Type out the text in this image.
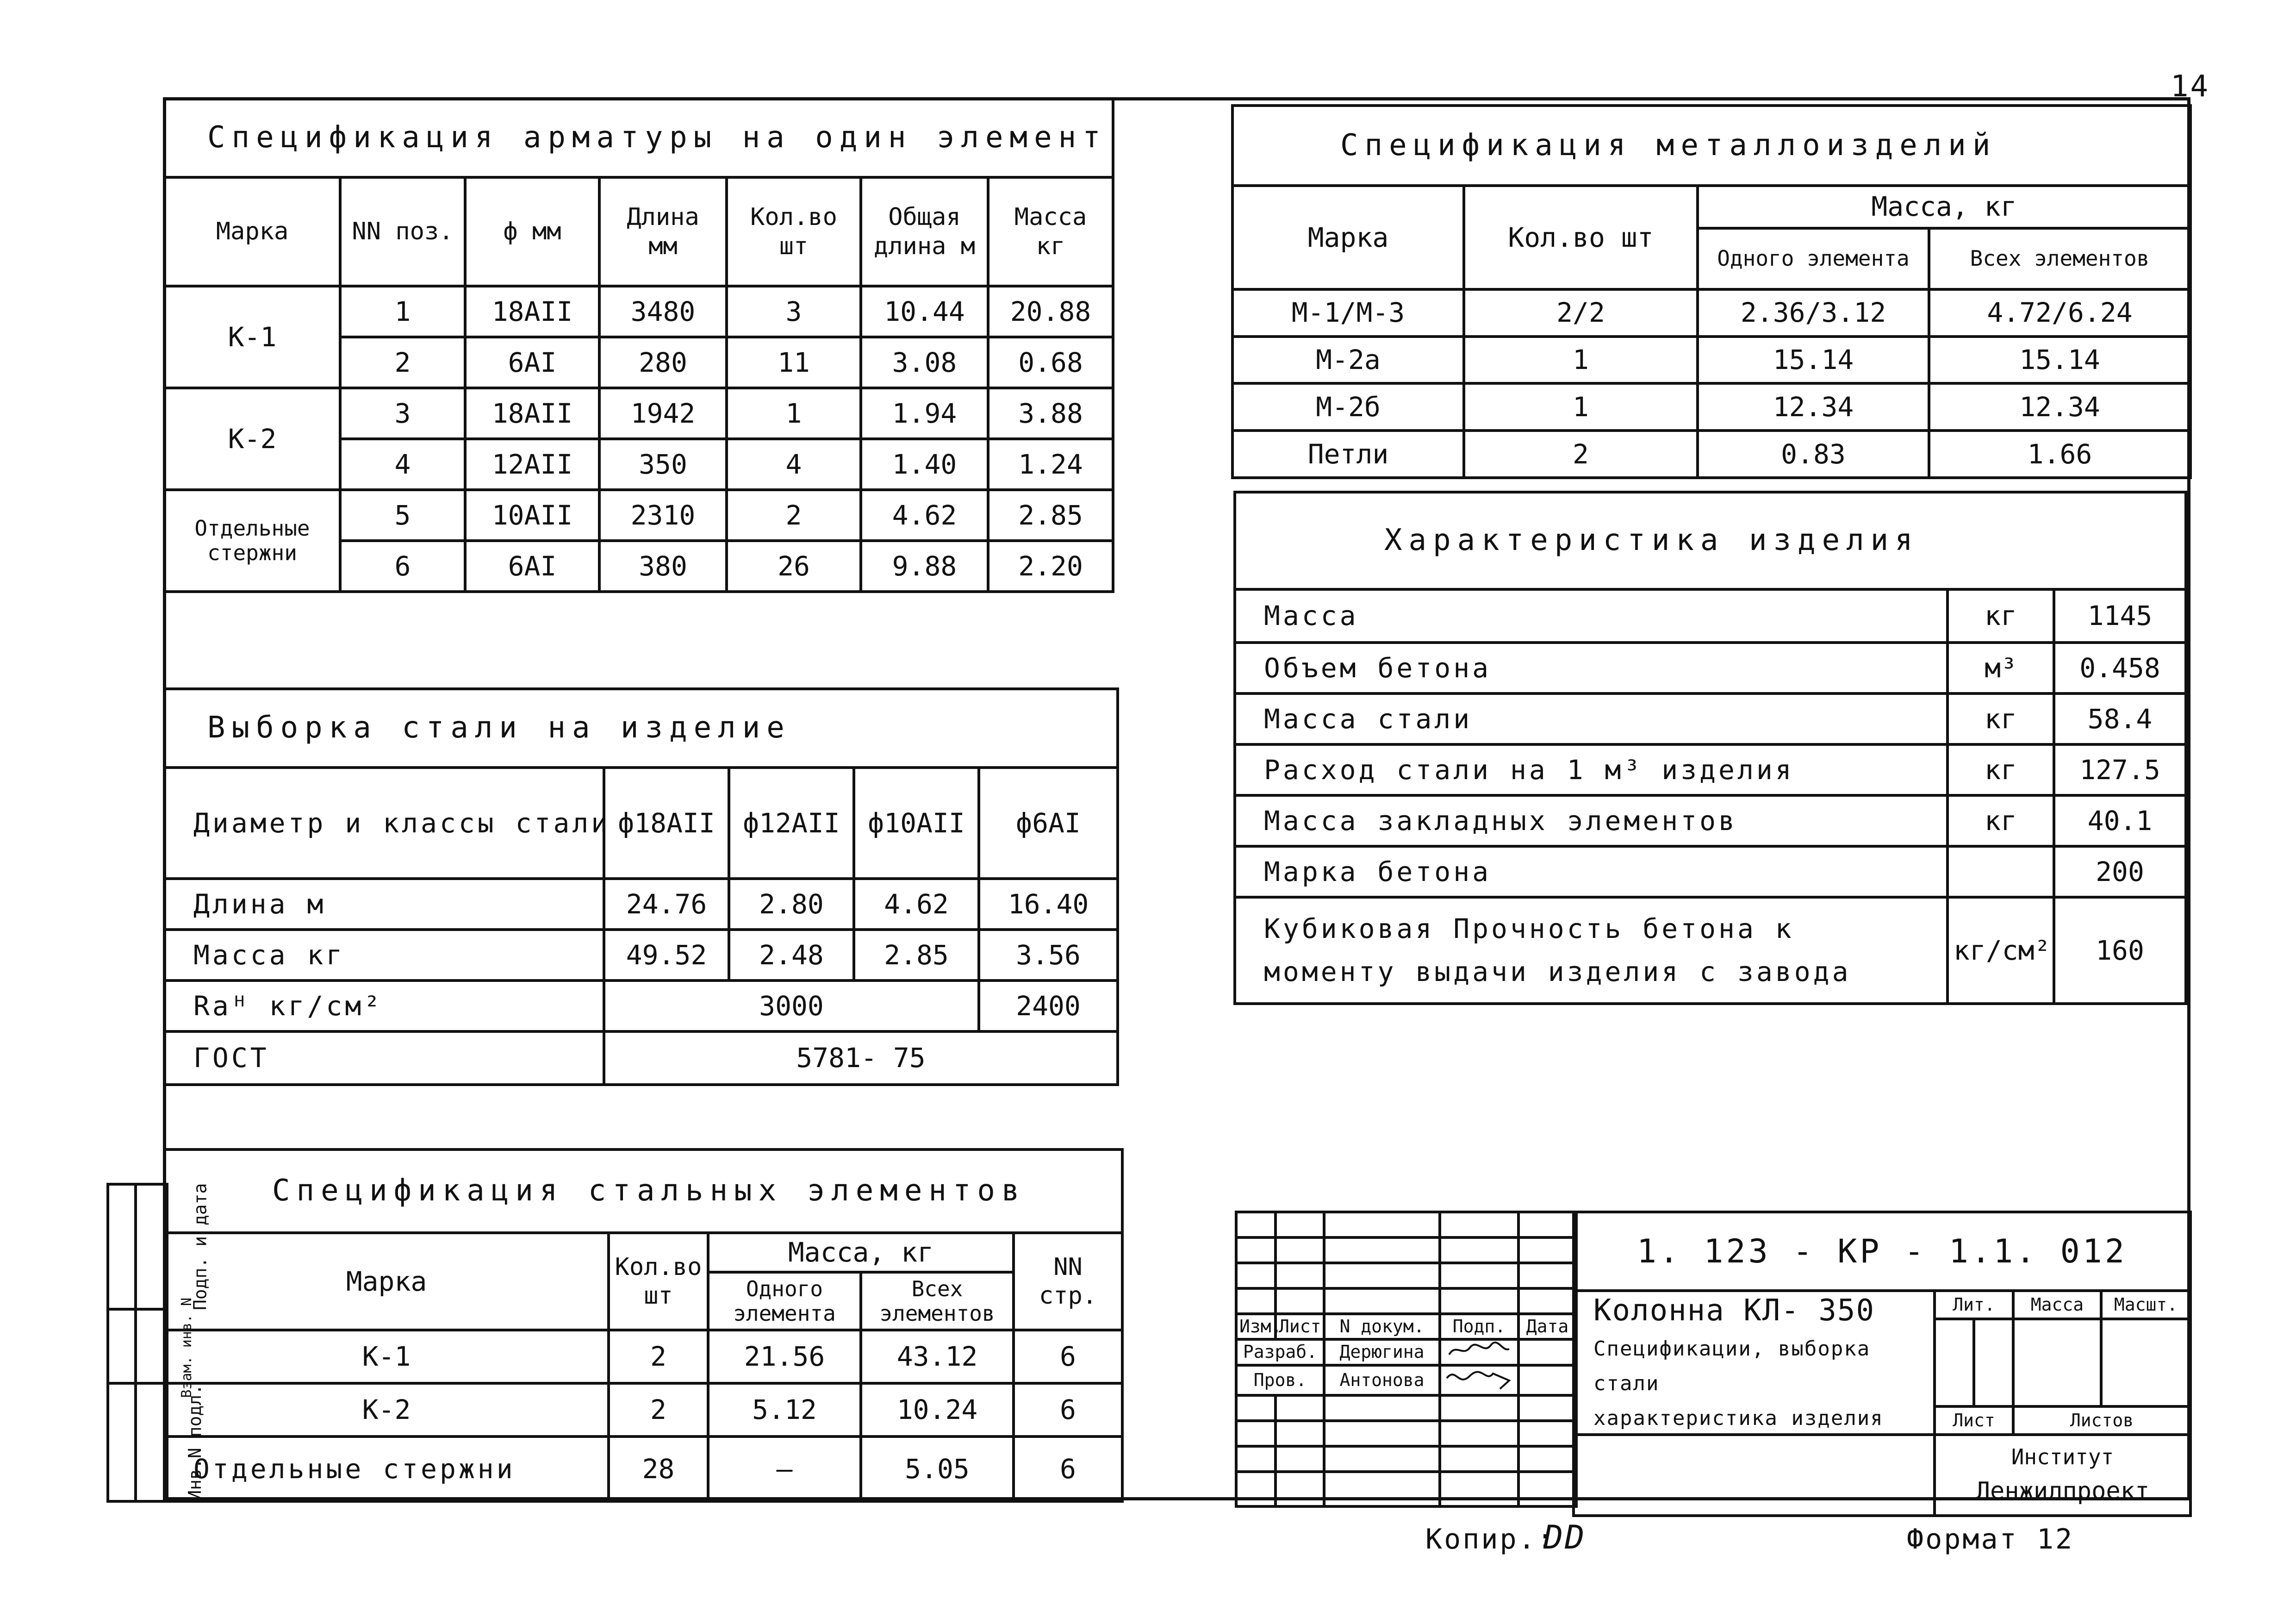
14
Спецификация арматуры на один элемент						
Марка	NN поз.	ф мм	Длина мм	Кол.во шт	Общая длина м	Масса кг
К-1	1	18АII	3480	3	10.44	20.88
	2	6АI	280	11	3.08	0.68
К-2	3	18АII	1942	1	1.94	3.88
	4	12АII	350	4	1.40	1.24
Отдельные стержни	5	10АII	2310	2	4.62	2.85
	6	6АI	380	26	9.88	2.20
Выборка стали на изделие				
Диаметр и классы стали	ф18АII	ф12АII	ф10АII	ф6АI
Длина м	24.76	2.80	4.62	16.40
Масса кг	49.52	2.48	2.85	3.56
Raᴴ кг/см²	3000			2400
ГОСТ	5781- 75			
Спецификация стальных элементов				
Марка	Кол.во шт	Масса, кг		NN стр.
		Одного элемента	Всех элементов	
К-1	2	21.56	43.12	6
К-2	2	5.12	10.24	6
Отдельные стержни	28	—	5.05	6
Спецификация металлоизделий			
Марка	Кол.во шт	Масса, кг	
		Одного элемента	Всех элементов
М-1/М-3	2/2	2.36/3.12	4.72/6.24
М-2а	1	15.14	15.14
М-2б	1	12.34	12.34
Петли	2	0.83	1.66
Характеристика изделия		
Масса	кг	1145
Объем бетона	м³	0.458
Масса стали	кг	58.4
Расход стали на 1 м³ изделия	кг	127.5
Масса закладных элементов	кг	40.1
Марка бетона		200
Кубиковая Прочность бетона к
моменту выдачи изделия с завода	кг/см²	160

Изм.	Лист	N докум.	Подп.	Дата
Разраб.		Дерюгина		
Пров.		Антонова		

1. 123 - КР - 1.1. 012				
Колонна КЛ- 350
Спецификации, выборка стали
характеристика изделия	Лит.		Масса	Масшт.

	Лист		Листов	
	Институт
Ленжилпроект			
	Подп. и дата
	Взам. инв. N
	Инв.N подл.
Копир.:
DD	Формат 12
